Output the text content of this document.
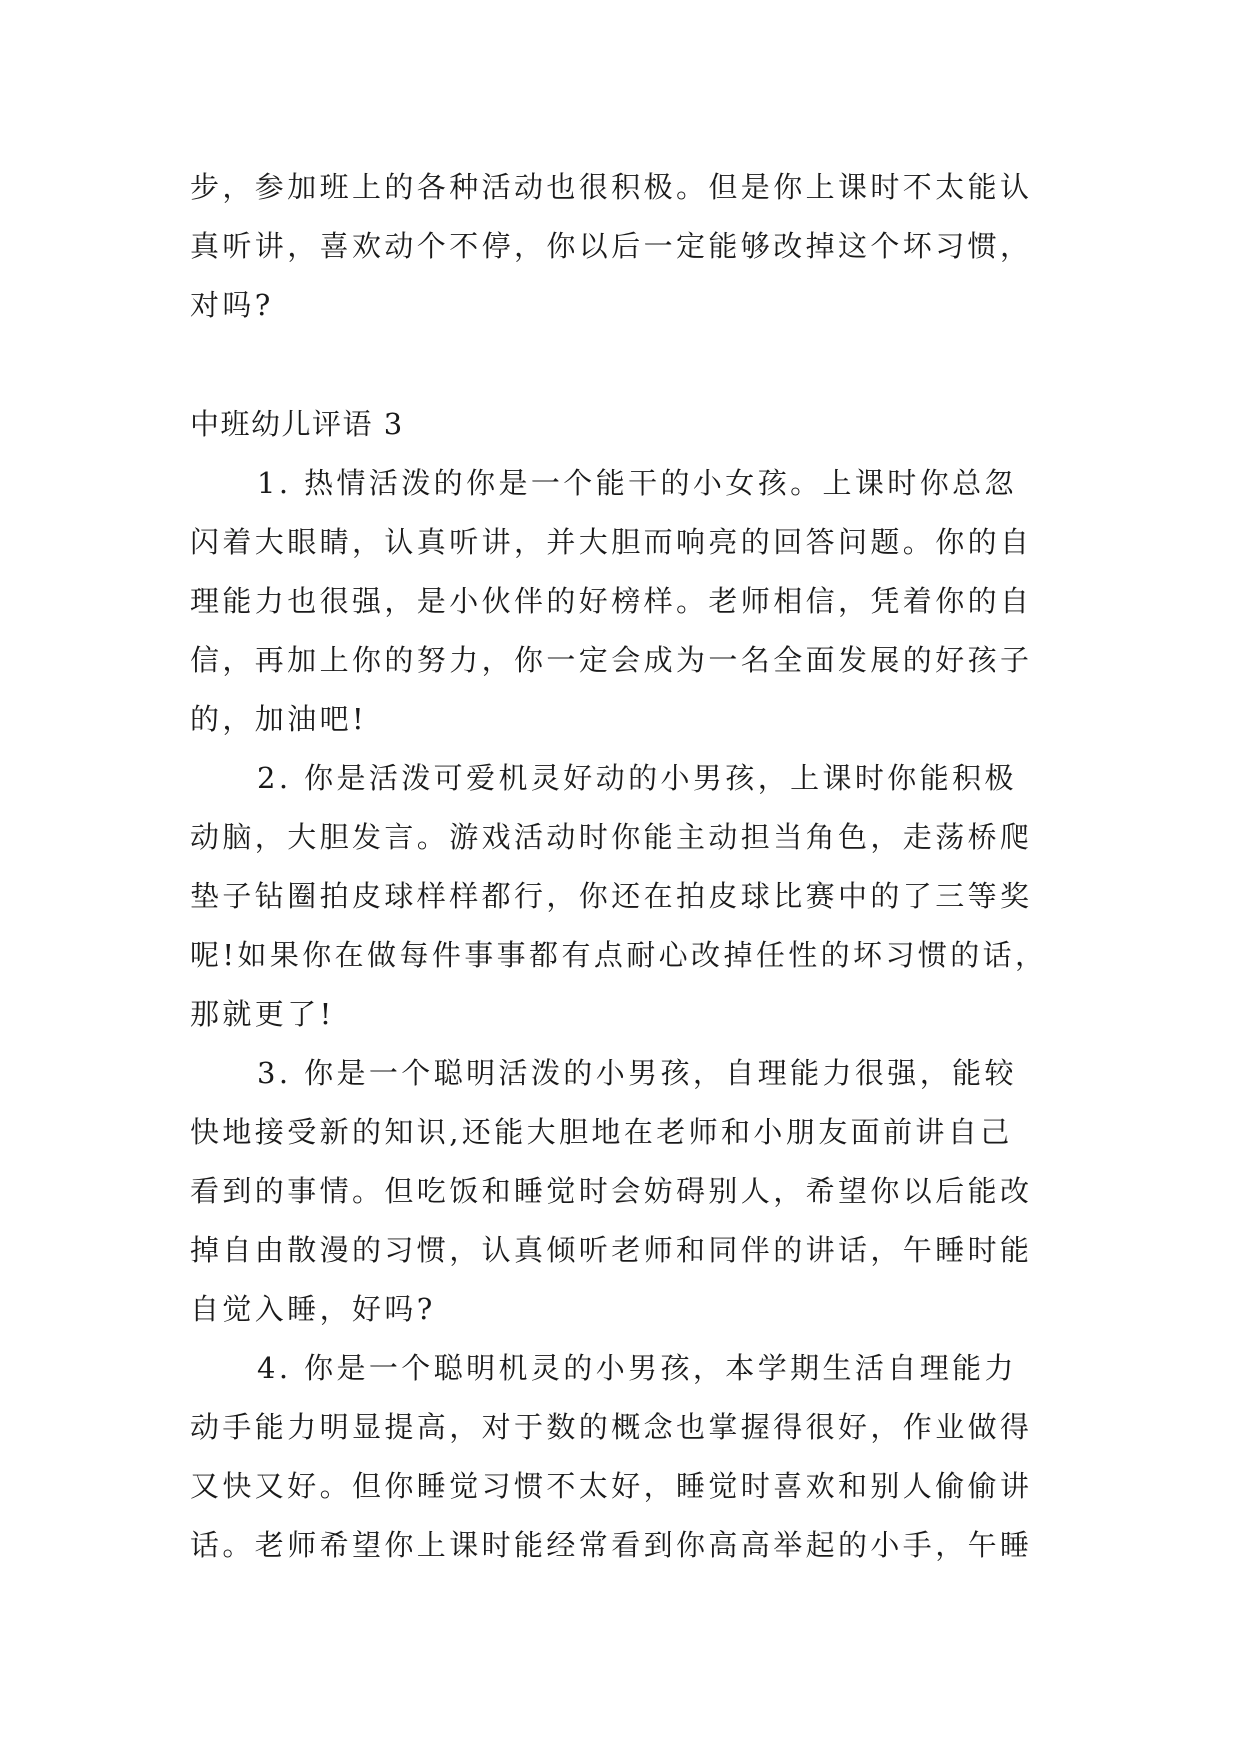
步，参加班上的各种活动也很积极。但是你上课时不太能认
真听讲，喜欢动个不停，你以后一定能够改掉这个坏习惯，
对吗?
中班幼儿评语 3
1. 热情活泼的你是一个能干的小女孩。上课时你总忽
闪着大眼睛，认真听讲，并大胆而响亮的回答问题。你的自
理能力也很强，是小伙伴的好榜样。老师相信，凭着你的自
信，再加上你的努力，你一定会成为一名全面发展的好孩子
的，加油吧!
2. 你是活泼可爱机灵好动的小男孩，上课时你能积极
动脑，大胆发言。游戏活动时你能主动担当角色，走荡桥爬
垫子钻圈拍皮球样样都行，你还在拍皮球比赛中的了三等奖
呢!如果你在做每件事事都有点耐心改掉任性的坏习惯的话，
那就更了!
3. 你是一个聪明活泼的小男孩，自理能力很强，能较
快地接受新的知识,还能大胆地在老师和小朋友面前讲自己
看到的事情。但吃饭和睡觉时会妨碍别人，希望你以后能改
掉自由散漫的习惯，认真倾听老师和同伴的讲话，午睡时能
自觉入睡，好吗?
4. 你是一个聪明机灵的小男孩，本学期生活自理能力
动手能力明显提高，对于数的概念也掌握得很好，作业做得
又快又好。但你睡觉习惯不太好，睡觉时喜欢和别人偷偷讲
话。老师希望你上课时能经常看到你高高举起的小手，午睡
